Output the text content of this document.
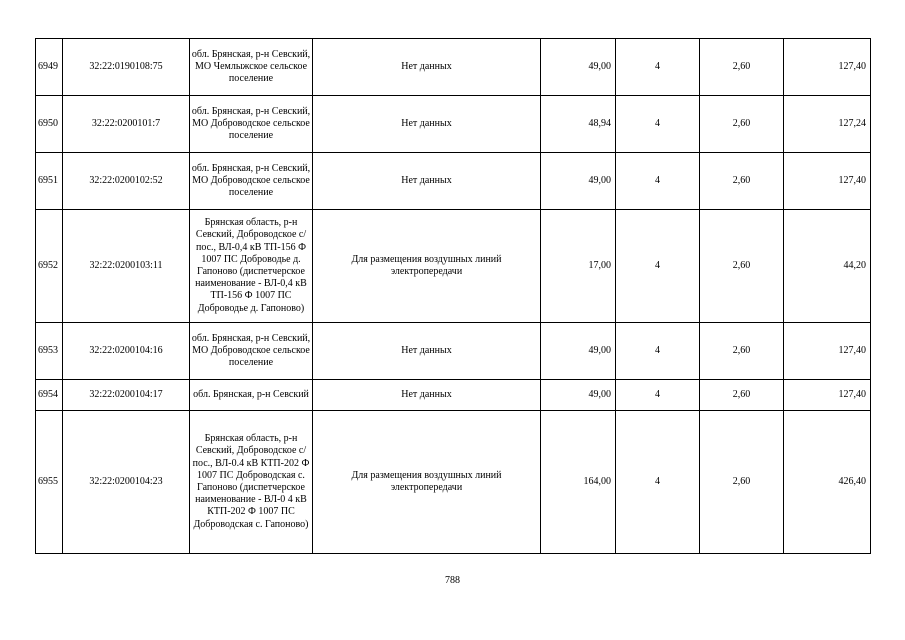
6949	32:22:0190108:75	обл. Брянская, р-н Севский, МО Чемлыжское сельское поселение	Нет данных	49,00	4	2,60	127,40
6950	32:22:0200101:7	обл. Брянская, р-н Севский, МО Доброводское сельское поселение	Нет данных	48,94	4	2,60	127,24
6951	32:22:0200102:52	обл. Брянская, р-н Севский, МО Доброводское сельское поселение	Нет данных	49,00	4	2,60	127,40
6952	32:22:0200103:11	Брянская область, р-н Севский, Доброводское с/пос., ВЛ-0,4 кВ ТП-156 Ф 1007 ПС Доброводье д. Гапоново (диспетчерское наименование - ВЛ-0,4 кВ ТП-156 Ф 1007 ПС Доброводье д. Гапоново)	Для размещения воздушных линий электропередачи	17,00	4	2,60	44,20
6953	32:22:0200104:16	обл. Брянская, р-н Севский, МО Доброводское сельское поселение	Нет данных	49,00	4	2,60	127,40
6954	32:22:0200104:17	обл. Брянская, р-н Севский	Нет данных	49,00	4	2,60	127,40
6955	32:22:0200104:23	Брянская область, р-н Севский, Доброводское с/пос., ВЛ-0.4 кВ КТП-202 Ф 1007 ПС Доброводская с. Гапоново (диспетчерское наименование - ВЛ-0 4 кВ КТП-202 Ф 1007 ПС Доброводская с. Гапоново)	Для размещения воздушных линий электропередачи	164,00	4	2,60	426,40
788
